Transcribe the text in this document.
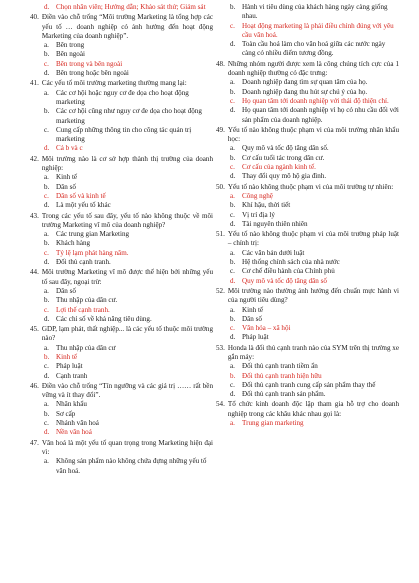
d. Chọn nhân viên; Hướng dẫn; Khảo sát thử; Giám sát
40. Điền vào chỗ trống “Môi trường Marketing là tổng hợp các yếu tố … doanh nghiệp có ảnh hưởng đến hoạt động Marketing của doanh nghiệp”.
a. Bên trong
b. Bên ngoài
c. Bên trong và bên ngoài
d. Bên trong hoặc bên ngoài
41. Các yếu tố môi trường marketing thường mang lại:
a. Các cơ hội hoặc nguy cơ đe dọa cho hoạt động marketing
b. Các cơ hội cũng như nguy cơ đe dọa cho hoạt động marketing
c. Cung cấp những thông tin cho công tác quản trị marketing
d. Cả b và c
42. Môi trường nào là cơ sở hợp thành thị trường của doanh nghiệp:
a. Kinh tế
b. Dân số
c. Dân số và kinh tế
d. Là một yếu tố khác
43. Trong các yếu tố sau đây, yếu tố nào không thuộc về môi trường Marketing vĩ mô của doanh nghiệp?
a. Các trung gian Marketing
b. Khách hàng
c. Tỷ lệ lạm phát hàng năm.
d. Đối thủ cạnh tranh.
44. Môi trường Marketing vĩ mô được thể hiện bởi những yếu tố sau đây, ngoại trừ:
a. Dân số
b. Thu nhập của dân cư.
c. Lợi thế cạnh tranh.
d. Các chỉ số về khả năng tiêu dùng.
45. GDP, lạm phát, thất nghiệp... là các yếu tố thuộc môi trường nào?
a. Thu nhập của dân cư
b. Kinh tế
c. Pháp luật
d. Cạnh tranh
46. Điền vào chỗ trống “Tín ngưỡng và các giá trị …… rất bền vững và ít thay đổi”.
a. Nhân khẩu
b. Sơ cấp
c. Nhánh văn hoá
d. Nền văn hoá
47. Văn hoá là một yếu tố quan trọng trong Marketing hiện đại vì:
a. Không sản phẩm nào không chứa đựng những yếu tố văn hoá.
b. Hành vi tiêu dùng của khách hàng ngày càng giống nhau.
c. Hoạt động marketing là phải điều chỉnh đúng với yêu cầu văn hoá.
d. Toàn cầu hoá làm cho văn hoá giữa các nước ngày càng có nhiều điểm tương đồng.
48. Những nhóm người được xem là công chúng tích cực của 1 doanh nghiệp thường có đặc trưng:
a. Doanh nghiệp đang tìm sự quan tâm của họ.
b. Doanh nghiệp đang thu hút sự chú ý của họ.
c. Họ quan tâm tới doanh nghiệp với thái độ thiện chí.
d. Họ quan tâm tới doanh nghiệp vì họ có nhu cầu đối với sản phẩm của doanh nghiệp.
49. Yếu tố nào không thuộc phạm vi của môi trường nhân khẩu học:
a. Quy mô và tốc độ tăng dân số.
b. Cơ cấu tuổi tác trong dân cư.
c. Cơ cấu của ngành kinh tế.
d. Thay đổi quy mô hộ gia đình.
50. Yếu tố nào không thuộc phạm vi của môi trường tự nhiên:
a. Công nghệ
b. Khí hậu, thời tiết
c. Vị trí địa lý
d. Tài nguyên thiên nhiên
51. Yếu tố nào không thuộc phạm vi của môi trường pháp luật – chính trị:
a. Các văn bản dưới luật
b. Hệ thống chính sách của nhà nước
c. Cơ chế điều hành của Chính phủ
d. Quy mô và tốc độ tăng dân số
52. Môi trường nào thường ảnh hưởng đến chuẩn mực hành vi của người tiêu dùng?
a. Kinh tế
b. Dân số
c. Văn hóa – xã hội
d. Pháp luật
53. Honda là đối thủ cạnh tranh nào của SYM trên thị trường xe gắn máy:
a. Đối thủ cạnh tranh tiềm ẩn
b. Đối thủ cạnh tranh hiện hữu
c. Đối thủ cạnh tranh cung cấp sản phẩm thay thế
d. Đối thủ cạnh tranh sản phẩm.
54. Tổ chức kinh doanh độc lập tham gia hỗ trợ cho doanh nghiệp trong các khâu khác nhau gọi là:
a. Trung gian marketing
